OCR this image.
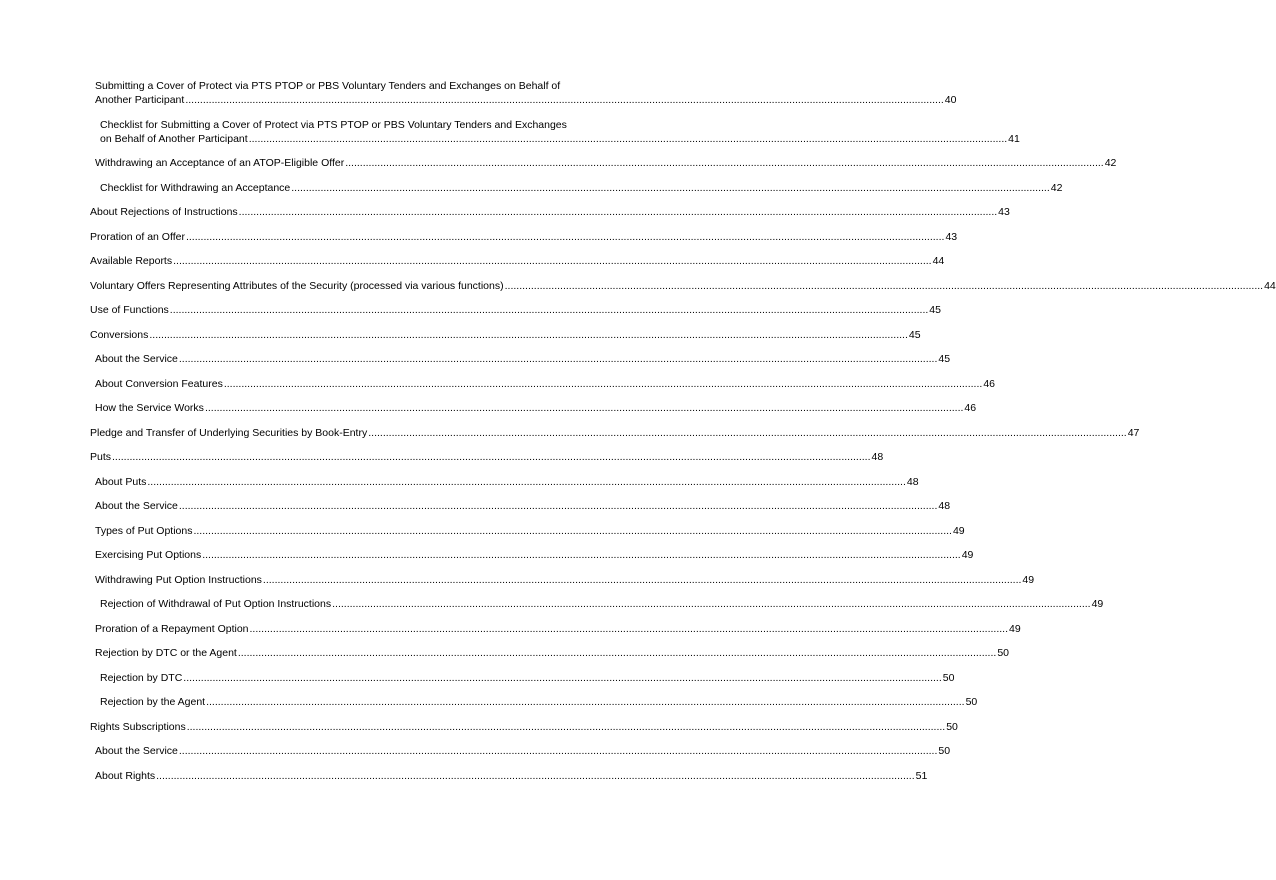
Submitting a Cover of Protect via PTS PTOP or PBS Voluntary Tenders and Exchanges on Behalf of
Another Participant .................................................................................................................................................................................................................................................................... 40
Checklist for Submitting a Cover of Protect via PTS PTOP or PBS Voluntary Tenders and Exchanges
on Behalf of Another Participant .................................................................................................................................................................................................................................................................... 41
Withdrawing an Acceptance of an ATOP-Eligible Offer .................................................................................................................................................................................................................................................................... 42
Checklist for Withdrawing an Acceptance .................................................................................................................................................................................................................................................................... 42
About Rejections of Instructions .................................................................................................................................................................................................................................................................... 43
Proration of an Offer .................................................................................................................................................................................................................................................................... 43
Available Reports .................................................................................................................................................................................................................................................................... 44
Voluntary Offers Representing Attributes of the Security (processed via various functions) .................................................................................................................................................................................................................................................................... 44
Use of Functions .................................................................................................................................................................................................................................................................... 45
Conversions .................................................................................................................................................................................................................................................................... 45
About the Service .................................................................................................................................................................................................................................................................... 45
About Conversion Features .................................................................................................................................................................................................................................................................... 46
How the Service Works .................................................................................................................................................................................................................................................................... 46
Pledge and Transfer of Underlying Securities by Book-Entry .................................................................................................................................................................................................................................................................... 47
Puts .................................................................................................................................................................................................................................................................... 48
About Puts .................................................................................................................................................................................................................................................................... 48
About the Service .................................................................................................................................................................................................................................................................... 48
Types of Put Options .................................................................................................................................................................................................................................................................... 49
Exercising Put Options .................................................................................................................................................................................................................................................................... 49
Withdrawing Put Option Instructions .................................................................................................................................................................................................................................................................... 49
Rejection of Withdrawal of Put Option Instructions .................................................................................................................................................................................................................................................................... 49
Proration of a Repayment Option .................................................................................................................................................................................................................................................................... 49
Rejection by DTC or the Agent .................................................................................................................................................................................................................................................................... 50
Rejection by DTC .................................................................................................................................................................................................................................................................... 50
Rejection by the Agent .................................................................................................................................................................................................................................................................... 50
Rights Subscriptions .................................................................................................................................................................................................................................................................... 50
About the Service .................................................................................................................................................................................................................................................................... 50
About Rights .................................................................................................................................................................................................................................................................... 51
